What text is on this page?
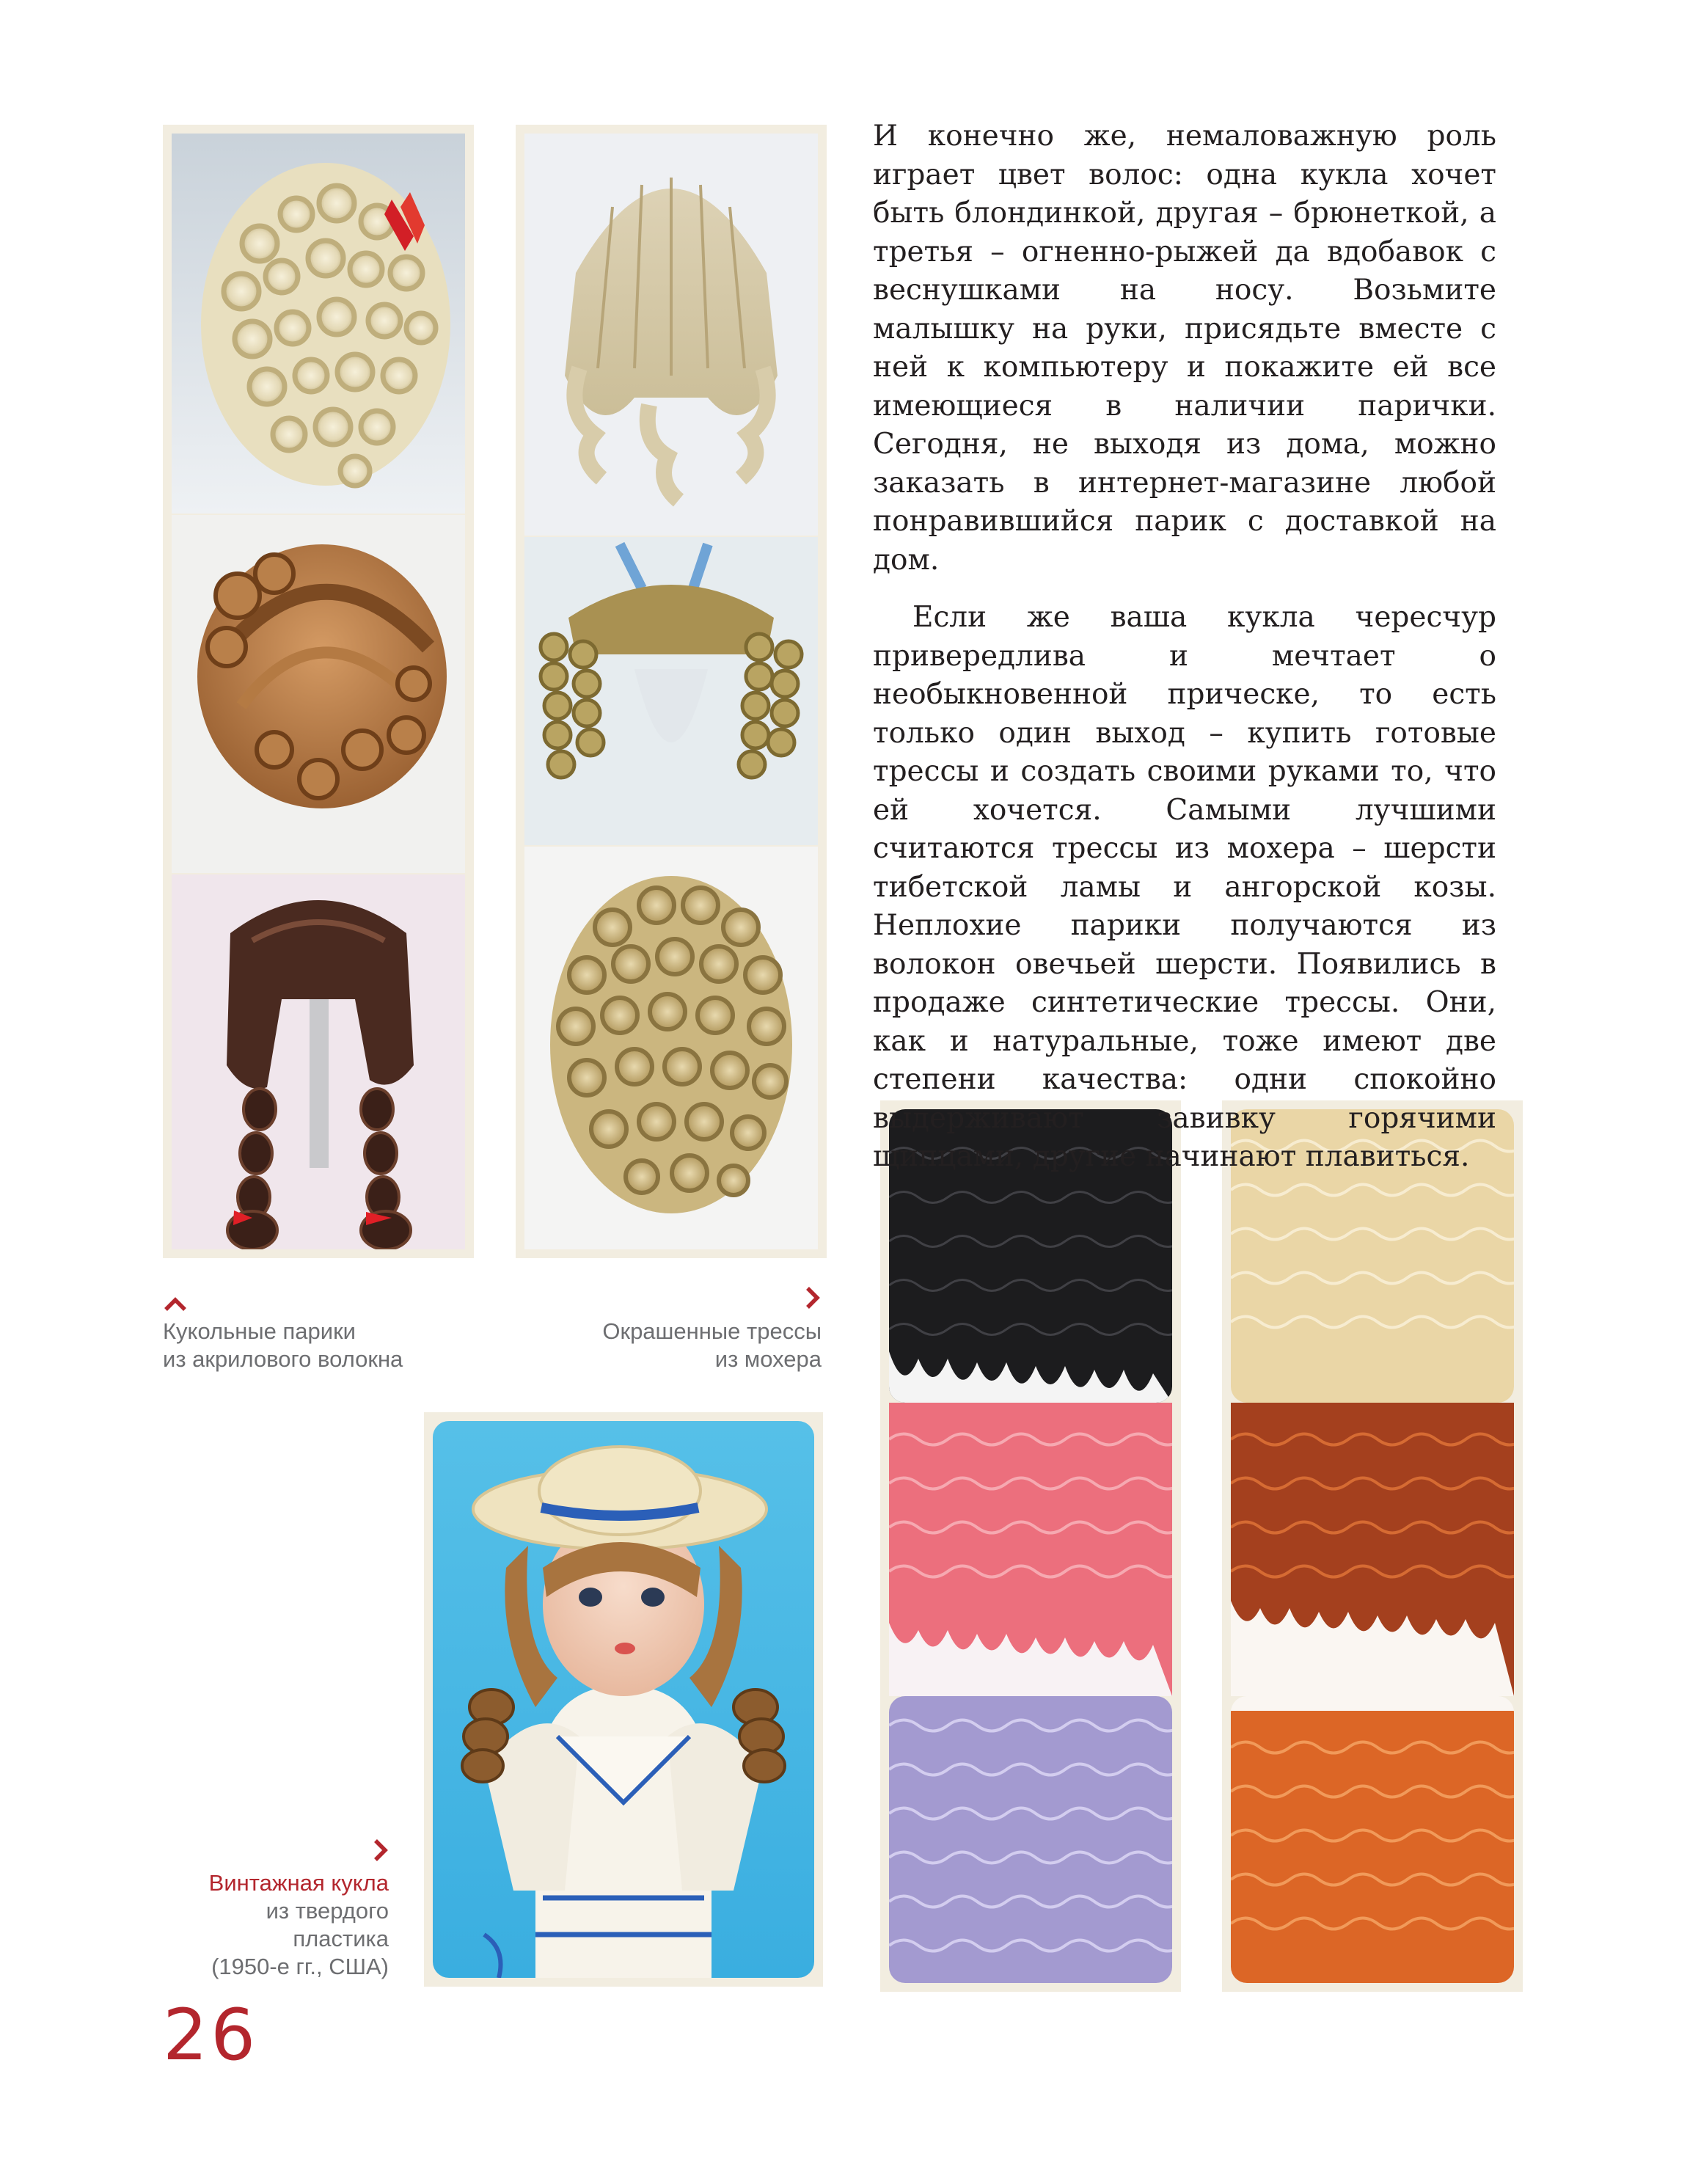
Кукольные парики
из акрилового волокна
Окрашенные трессы
из мохера
Винтажная кукла
из твердого
пластика
(1950-е гг., США)

И конечно же, немаловажную роль играет цвет волос: одна кукла хочет быть блондинкой, другая – брюнеткой, а третья – огненно-рыжей да вдобавок с веснушками на носу. Возьмите малышку на руки, присядьте вместе с ней к компьютеру и покажите ей все имеющиеся в наличии парички. Сегодня, не выходя из дома, можно заказать в интернет-магазине любой понравившийся парик с доставкой на дом.

Если же ваша кукла чересчур привередлива и мечтает о необыкновенной прическе, то есть только один выход – купить готовые трессы и создать своими руками то, что ей хочется. Самыми лучшими считаются трессы из мохера – шерсти тибетской ламы и ангорской козы. Неплохие парики получаются из волокон овечьей шерсти. Появились в продаже синтетические трессы. Они, как и натуральные, тоже имеют две степени качества: одни спокойно выдерживают завивку горячими щипцами, другие начинают плавиться.

26
